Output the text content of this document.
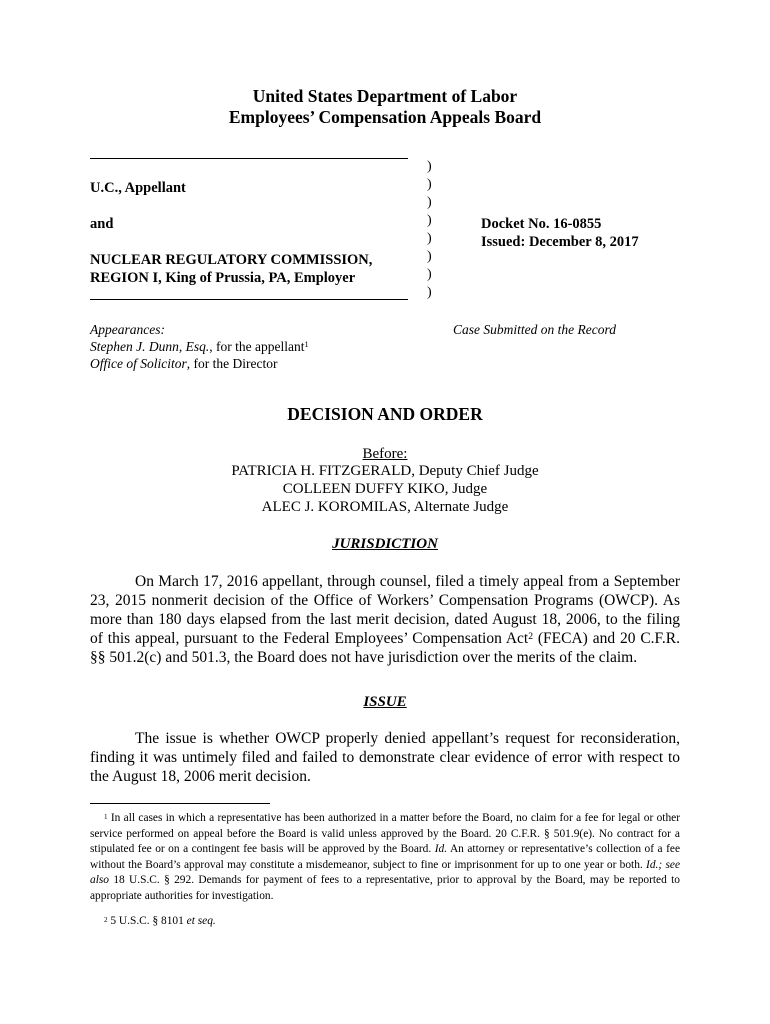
United States Department of Labor
Employees’ Compensation Appeals Board
U.C., Appellant
and
NUCLEAR REGULATORY COMMISSION,
REGION I, King of Prussia, PA, Employer
)
)
)
)
)
)
)
)
Docket No. 16-0855
Issued: December 8, 2017
Appearances:
Stephen J. Dunn, Esq., for the appellant$^1$
Office of Solicitor, for the Director
Case Submitted on the Record
DECISION AND ORDER
Before:
PATRICIA H. FITZGERALD, Deputy Chief Judge
COLLEEN DUFFY KIKO, Judge
ALEC J. KOROMILAS, Alternate Judge
JURISDICTION
On March 17, 2016 appellant, through counsel, filed a timely appeal from a September 23, 2015 nonmerit decision of the Office of Workers’ Compensation Programs (OWCP). As more than 180 days elapsed from the last merit decision, dated August 18, 2006, to the filing of this appeal, pursuant to the Federal Employees’ Compensation Act$^2$ (FECA) and 20 C.F.R. §§ 501.2(c) and 501.3, the Board does not have jurisdiction over the merits of the claim.
ISSUE
The issue is whether OWCP properly denied appellant’s request for reconsideration, finding it was untimely filed and failed to demonstrate clear evidence of error with respect to the August 18, 2006 merit decision.
$^1$ In all cases in which a representative has been authorized in a matter before the Board, no claim for a fee for legal or other service performed on appeal before the Board is valid unless approved by the Board. 20 C.F.R. § 501.9(e). No contract for a stipulated fee or on a contingent fee basis will be approved by the Board. Id. An attorney or representative’s collection of a fee without the Board’s approval may constitute a misdemeanor, subject to fine or imprisonment for up to one year or both. Id.; see also 18 U.S.C. § 292. Demands for payment of fees to a representative, prior to approval by the Board, may be reported to appropriate authorities for investigation.
$^2$ 5 U.S.C. § 8101 et seq.
